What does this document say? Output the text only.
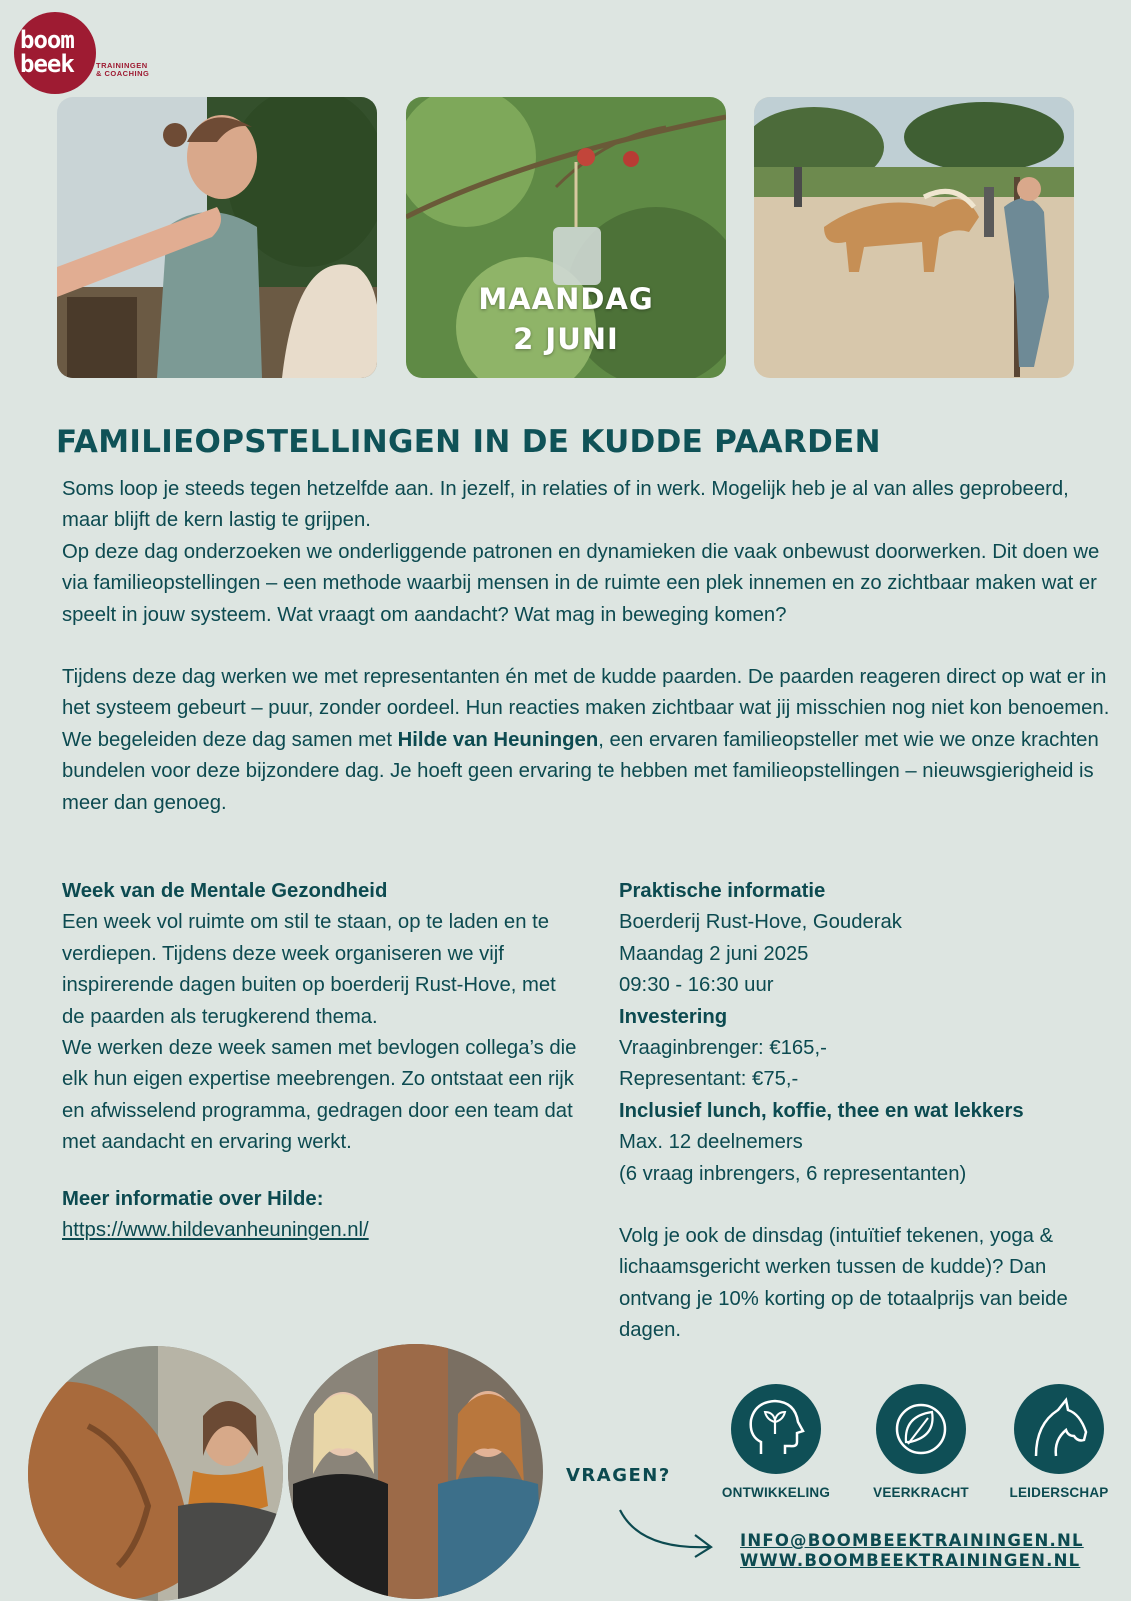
boom
beek	TRAININGEN
& COACHING
MAANDAG
2 JUNI
FAMILIEOPSTELLINGEN IN DE KUDDE PAARDEN

Soms loop je steeds tegen hetzelfde aan. In jezelf, in relaties of in werk. Mogelijk heb je al van alles geprobeerd, maar blijft de kern lastig te grijpen.

Op deze dag onderzoeken we onderliggende patronen en dynamieken die vaak onbewust doorwerken. Dit doen we via familieopstellingen – een methode waarbij mensen in de ruimte een plek innemen en zo zichtbaar maken wat er speelt in jouw systeem. Wat vraagt om aandacht? Wat mag in beweging komen?

Tijdens deze dag werken we met representanten én met de kudde paarden. De paarden reageren direct op wat er in het systeem gebeurt – puur, zonder oordeel. Hun reacties maken zichtbaar wat jij misschien nog niet kon benoemen.

We begeleiden deze dag samen met Hilde van Heuningen, een ervaren familieopsteller met wie we onze krachten bundelen voor deze bijzondere dag. Je hoeft geen ervaring te hebben met familieopstellingen – nieuwsgierigheid is meer dan genoeg.

Week van de Mentale Gezondheid

Een week vol ruimte om stil te staan, op te laden en te verdiepen. Tijdens deze week organiseren we vijf inspirerende dagen buiten op boerderij Rust-Hove, met de paarden als terugkerend thema.

We werken deze week samen met bevlogen collega’s die elk hun eigen expertise meebrengen. Zo ontstaat een rijk en afwisselend programma, gedragen door een team dat met aandacht en ervaring werkt.

Meer informatie over Hilde:

https://www.hildevanheuningen.nl/

Praktische informatie

Boerderij Rust-Hove, Gouderak

Maandag 2 juni 2025

09:30 - 16:30 uur

Investering

Vraaginbrenger: €165,-

Representant: €75,-

Inclusief lunch, koffie, thee en wat lekkers

Max. 12 deelnemers

(6 vraag inbrengers, 6 representanten)

Volg je ook de dinsdag (intuïtief tekenen, yoga & lichaamsgericht werken tussen de kudde)? Dan ontvang je 10% korting op de totaalprijs van beide dagen.

VRAGEN?
ONTWIKKELING	VEERKRACHT	LEIDERSCHAP
INFO@BOOMBEEKTRAININGEN.NL
WWW.BOOMBEEKTRAININGEN.NL
